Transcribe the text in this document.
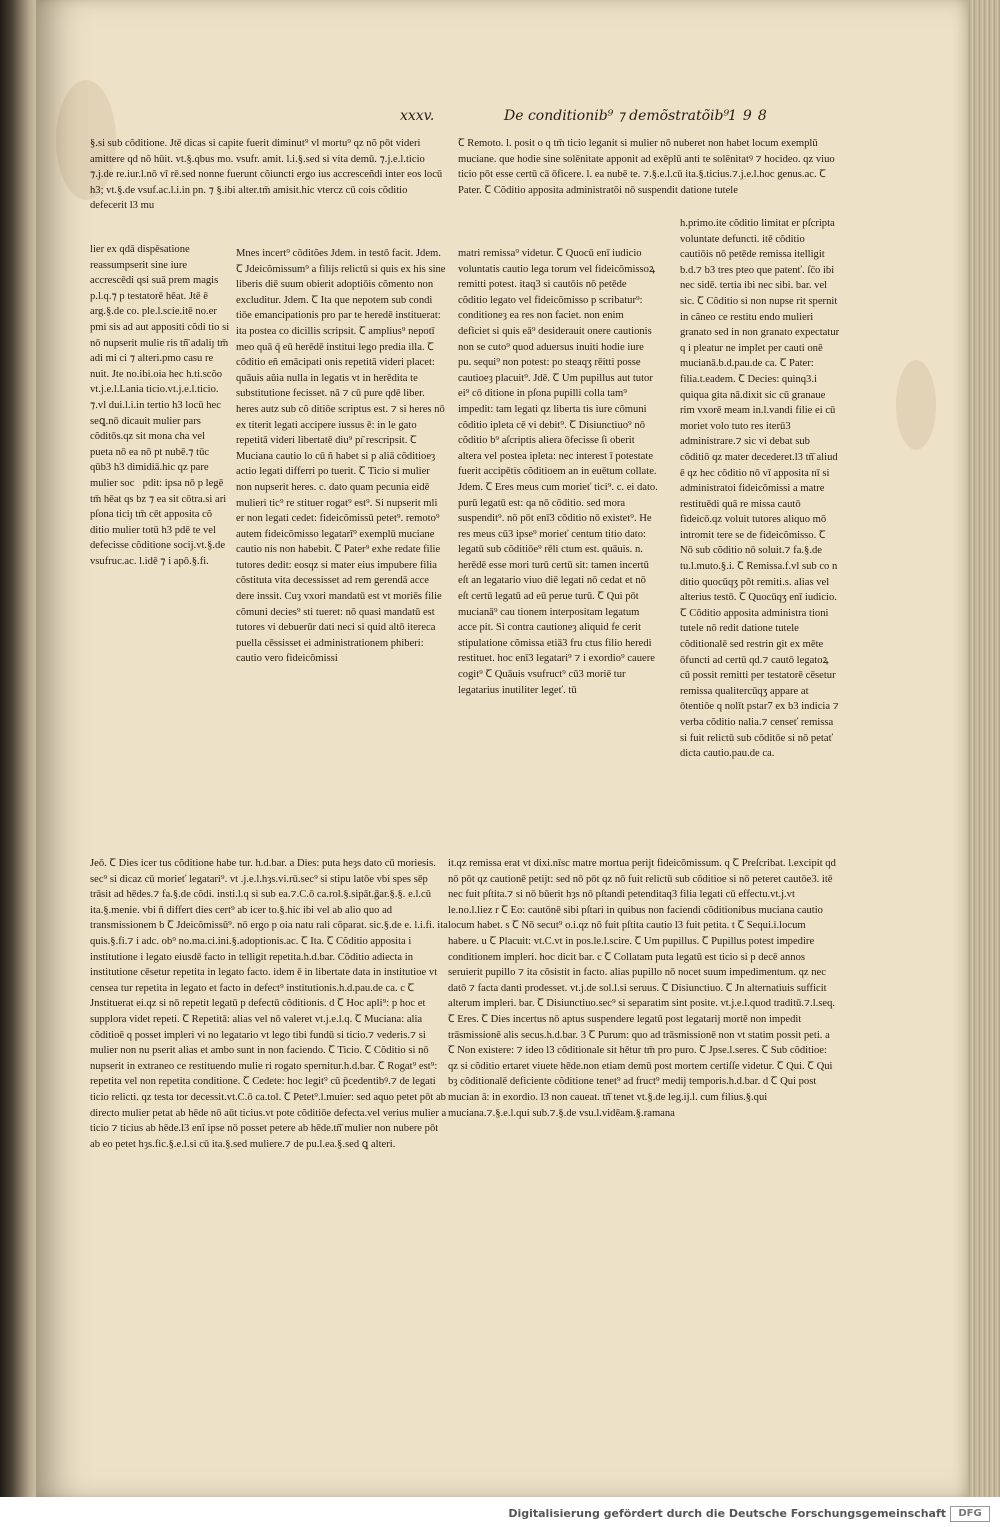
xxxv.	De conditionib⁹ ⁊ demõstratõib⁹
198
§.si sub cõditione. Jtē dicas si capite fuerit diminut⁹ vl mortu⁹ qz nõ pōt videri amittere qd nõ hūit. vt.§.qbus mo. vsufr. amit. l.i.§.sed si vita demū. ⁊.j.e.l.ticio ⁊.j.de re.iur.l.nō vī rē.sed nonne fuerunt cõiuncti ergo ius accresceñdi inter eos locū h3; vt.§.de vsuf.ac.l.i.in pn. ⁊ §.ibi alter.tm̄ amisit.hic vtercz cū cois cõditio defecerit l3 mu
lier ex qdā dispēsatione reassumpserit sine iure accrescēdi qsi suā prem magis p.l.q.⁊ p testatorē hēat. Jtē ē arg.§.de co. ple.l.scie.itē no.er pmi sis ad aut appositi cõdi tio si nō nupserit mulie ris tñ̄ adaliȷ tm̄ adi mi ci ⁊ alteri.pmo casu re nuit. Jte no.ibi.oia hec h.ti.scõo vt.j.e.l.Lania ticio.vt.j.e.l.ticio. ⁊.vl dui.l.i.in tertio h3 locū hec seꝗ.nō dicauit mulier pars cõditōs.qz sit mona cha vel pueta nō ea nō pt nubē.⁊ tūc qūb3 h3 dimidiā.hic qz pareᷓ mulier socᷓpdit: ipsa nō p legē tm̄ hēat qs bz ⁊ ea sit cōtra.si ari pſona ticiȷ tm̄ cēt apposita cõ ditio mulier totū h3 pdē te vel defecisse cõditione socij.vt.§.de vsufruc.ac. l.idē ⁊ i apō.§.fi.
Mnes incert⁹ cõditões Jdem. in testō facit. Jdem. Ꞇ Jdeicõmissum⁹ a filijs relictū si quis ex his sine liberis diē suum obierit adoptiōis cõmento non excluditur. Jdem. Ꞇ Ita que nepotem sub condi tiōe emancipationis pro par te heredē instituerat: ita postea co dicillis scripsit. Ꞇ amplius⁹ nepotī meo quā q̄ eū herēdē institui lego predia illa. Ꞇ cõditio eñ emācipati onis repetitā videri placet: quāuis aŭia nulla in legatis vt in herēdita te substitutione fecisset. nā ⁊ cū pure qdē liber. heres autz sub cõ ditiōe scriptus est. ⁊ si heres nō ex titerit legati accipere iussus ē: in le gato repetitā videri libertatē diu⁹ pı̄ rescripsit. Ꞇ Muciana cautio lo cū ñ habet si p aliā cõditioeȝ actio legati differri po tuerit. Ꞇ Ticio si mulier non nupserit heres. c. dato quam pecunia eidē mulieri tic⁹ re stituer rogat⁹ est⁹. Si nupserit mli er non legati cedet: fideicõmissū petet⁹. remoto⁹ autem fideicõmisso legatarī⁹ exemplū muciane cautio nis non habebit. Ꞇ Pater⁹ exhe redate filie tutores dedit: eosqz si mater eius impubere filia cõstituta vita decessisset ad rem gerendā acce dere inssit. Cuȝ vxori mandatū est vt moriēs filie cõmuni decies⁹ sti tueret: nō quasi mandatū est tutores vi debuerūr dati neci si quid altō itereca puella cēssisset ei administrationem phiberi: cautio vero fideicõmissi
matri remissa⁹ videtur. Ꞇ Quocū enī iudicio voluntatis cautio lega torum vel fideicõmissoꝝ remitti potest. itaq3 si cautōis nō petēde cõditio legato vel fideicõmisso p scribatur⁹: conditioneȝ ea res non faciet. non enim deficiet si quis eā⁹ desiderauit onere cautionis non se cuto⁹ quod aduersus inuiti hodie iure pu. sequi⁹ non potest: po steaqʒ rēitti posse cautioeȝ placuit⁹. Jdē. Ꞇ Um pupillus aut tutor ei⁹ cō ditione in pſona pupilli colla tam⁹ impedit: tam legati qz liberta tis iure cõmuni cõditio ipleta cē vi debit⁹. Ꞇ Disiunctiuo⁹ nō cõditio b⁹ aſcriptis aliera ōfecisse ſi oberit altera vel postea ipleta: nec interest ī potestate fuerit accipētis cõditioem an in euētum collate. Jdem. Ꞇ Eres meus cum morieť tici⁹. c. ei dato. purū legatū est: qa nō cõditio. sed mora suspendit⁹. nō pōt enī3 cõditio nō existet⁹. He res meus cū3 ipse⁹ morieť centum titio dato: legatū sub cõditiōe⁹ rēli ctum est. quāuis. n. herēdē esse mori turū certū sit: tamen incertū eſt an legatario viuo diē legati nō cedat et nō eſt certū legatū ad eū perue turū. Ꞇ Qui pōt mucianā⁹ cau tionem interpositam legatum acce pit. Si contra cautioneȝ aliquid fe cerit stipulatione cõmissa etiā3 fru ctus filio heredi restituet. hoc enī3 legatari⁹ ⁊ i exordio⁹ cauere cogit⁹ Ꞇ Quāuis vsufruct⁹ cū3 moriē tur legatarius inutiliter legeť. tū
Ꞇ Remoto. l. posit o q tm̄ ticio leganit si mulier nō nuberet non habet locum exemplū muciane. que hodie sine solēnitate apponit ad exēplū anti te solēnitatꝰ ⁊ hocideo. qz viuo ticio pōt esse certū cā ōficere. l. ea nubē te. ⁊.§.e.l.cū ita.§.ticius.⁊.j.e.l.hoc genus.ac. Ꞇ Pater. Ꞇ Cõditio apposita administratōi nō suspendit datione tutele
h.primo.ite cõditio limitat er pſcripta voluntate defuncti. itē cõditio cautiōis nō petēde remissa itelligit b.d.⁊ b3 tres pteo que patenť. ſc̄o ibi nec sidē. tertia ibi nec sibi. bar. vel sic. Ꞇ Cõditio si non nupse rit spernit in cãneo ce restitu endo mulieri granato sed in non granato expectatur q i pleatur ne implet per cauti onē mucianā.b.d.pau.de ca. Ꞇ Pater: filia.t.eadem. Ꞇ Decies: quinq3.i quiqua gita nā.dixit sic cū granaue rim vxorē meam in.l.vandi filie ei cū moriet volo tuto res iterū3 administrare.⁊ sic vi debat sub cõditiō qz mater decederet.l3 tñ̄ aliud ē qz hec cõditio nō vī apposita nī si administratoi fideicõmissi a matre restituēdi quā re missa cautō fideicō.qz voluit tutores aliquo mō intromit tere se de fideicõmisso. Ꞇ Nō sub cõditio nō soluit.⁊ fa.§.de tu.l.muto.§.i. Ꞇ Remissa.f.vl sub co n ditio quocūqʒ pōt remiti.s. alias vel alterius testō. Ꞇ Quocūqʒ enī iudicio. Ꞇ Cõditio apposita administra tioni tutele nō redit datione tutele cõditionalē sed restrin git ex mēte ōfuncti ad certū qd.⁊ cautō legatoꝝ cū possit remitti per testatorē cēsetur remissa qualitercūqʒ appare at ōtentiōe q nolīt pstar7 ex b3 indicia ⁊ verba cõditio nalia.⁊ censeť remissa si fuit relictū sub cõditōe si nō petať dicta cautio.pau.de ca.
Jeō. Ꞇ Dies icer tus cõditione habe tur. h.d.bar. a Dies: puta heȝs dato cū moriesis. sec⁹ si dicaz cū morieť legatari⁹. vt .j.e.l.hȝs.vi.rū.sec⁹ si stipu latōe vbi spes sēp trāsit ad hēdes.⁊ fa.§.de cõdi. insti.l.q si sub ea.⁊.C.ō ca.rol.§.sipāt.ḡar.§.§. e.l.cū ita.§.menie. vbi ñ differt dies cert⁹ ab icer to.§.hic ibi vel ab alio quo ad transmissionem b Ꞇ Jdeicõmissū⁹. nō ergo p oia natu rali cõparat. sic.§.de e. l.i.fi. ita quis.§.fi.⁊ i adc. ob⁹ no.ma.ci.ini.§.adoptionis.ac. Ꞇ Ita. Ꞇ Cõditio apposita i institutione i legato eiusdē facto in telligit repetita.h.d.bar. Cõditio adiecta in institutione cēsetur repetita in legato facto. idem ē in libertate data in institutioe vt censea tur repetita in legato et facto in defect⁹ institutionis.h.d.pau.de ca. c Ꞇ Jnstituerat ei.qz si nō repetit legatū p defectū cõditionis. d Ꞇ Hoc apli⁹: p hoc et supplora videt repeti. Ꞇ Repetitā: alias vel nō valeret vt.j.e.l.q. Ꞇ Muciana: alia cõditioē q posset impleri vi no legatario vt lego tibi fundū si ticio.⁊ vederis.⁊ si mulier non nu pserit alias et ambo sunt in non faciendo. Ꞇ Ticio. Ꞇ Cõditio si nō nupserit in extraneo ce restituendo mulie ri rogato spernitur.h.d.bar. Ꞇ Rogat⁹ est⁹: repetita vel non repetita conditione. Ꞇ Cedete: hoc legit⁹ cū p̄cedentibꝰ.⁊ de legati ticio relicti. qz testa tor decessit.vt.C.ō ca.tol. Ꞇ Petet⁹.l.muier: sed aquo petet pōt ab directo mulier petat ab hēde nō aūt ticius.vt pote cõditiōe defecta.vel verius mulier a ticio ⁊ ticius ab hēde.l3 enī ipse nō posset petere ab hēde.tñ̄ mulier non nubere pōt ab eo petet hȝs.fic.§.e.l.si cū ita.§.sed muliere.⁊ de pu.l.ea.§.sed ꝗ alteri.
it.qz remissa erat vt dixi.nīsc matre mortua perijt fideicõmissum. q Ꞇ Preſcribat. l.excipit qd nō pōt qz cautionē petijt: sed nō pōt qz nō fuit relictū sub cõditioe si nō peteret cautōe3. itē nec fuit pſtita.⁊ si nō būerit hȝs nō pſtandi petenditaq3 filia legati cū effectu.vt.j.vt le.no.l.liez r Ꞇ Eo: cautōnē sibi pſtari in quibus non faciendi cõditionibus muciana cautio locum habet. s Ꞇ Nō secut⁹ o.i.qz nō fuit pſtita cautio l3 fuit petita. t Ꞇ Sequi.i.locum habere. u Ꞇ Placuit: vt.C.vt in pos.le.l.scire. Ꞇ Um pupillus. Ꞇ Pupillus potest impedire conditionem impleri. hoc dicit bar. c Ꞇ Collatam puta legatū est ticio si p decē annos seruierit pupillo ⁊ ita cõsistit in facto. alias pupillo nō nocet suum impedimentum. qz nec datō ⁊ facta danti prodesset. vt.j.de sol.l.si seruus. Ꞇ Disiunctiuo. Ꞇ Jn alternatiuis sufficit alterum impleri. bar. Ꞇ Disiunctiuo.sec⁹ si separatim sint posite. vt.j.e.l.quod traditū.⁊.l.seq. Ꞇ Eres. Ꞇ Dies incertus nō aptus suspendere legatū post legatarij mortē non impedit trāsmissionē alis secus.h.d.bar. 3 Ꞇ Purum: quo ad trāsmissionē non vt statim possit peti. a Ꞇ Non existere: ⁊ ideo l3 cõditionale sit hētur tm̄ pro puro. Ꞇ Jpse.l.seres. Ꞇ Sub cõditioe: qz si cõditio ertaret viuete hēde.non etiam demū post mortem certiſſe videtur. Ꞇ Qui. Ꞇ Qui bȝ cõditionalē deficiente cõditione tenet⁹ ad fruct⁹ medij temporis.h.d.bar. d Ꞇ Qui post mucian ā: in exordio. l3 non caueat. tñ̄ tenet vt.§.de leg.ij.l. cum filius.§.qui muciana.⁊.§.e.l.qui sub.⁊.§.de vsu.l.vidēam.§.ramana
Digitalisierung gefördert durch die Deutsche Forschungsgemeinschaft	DFG
